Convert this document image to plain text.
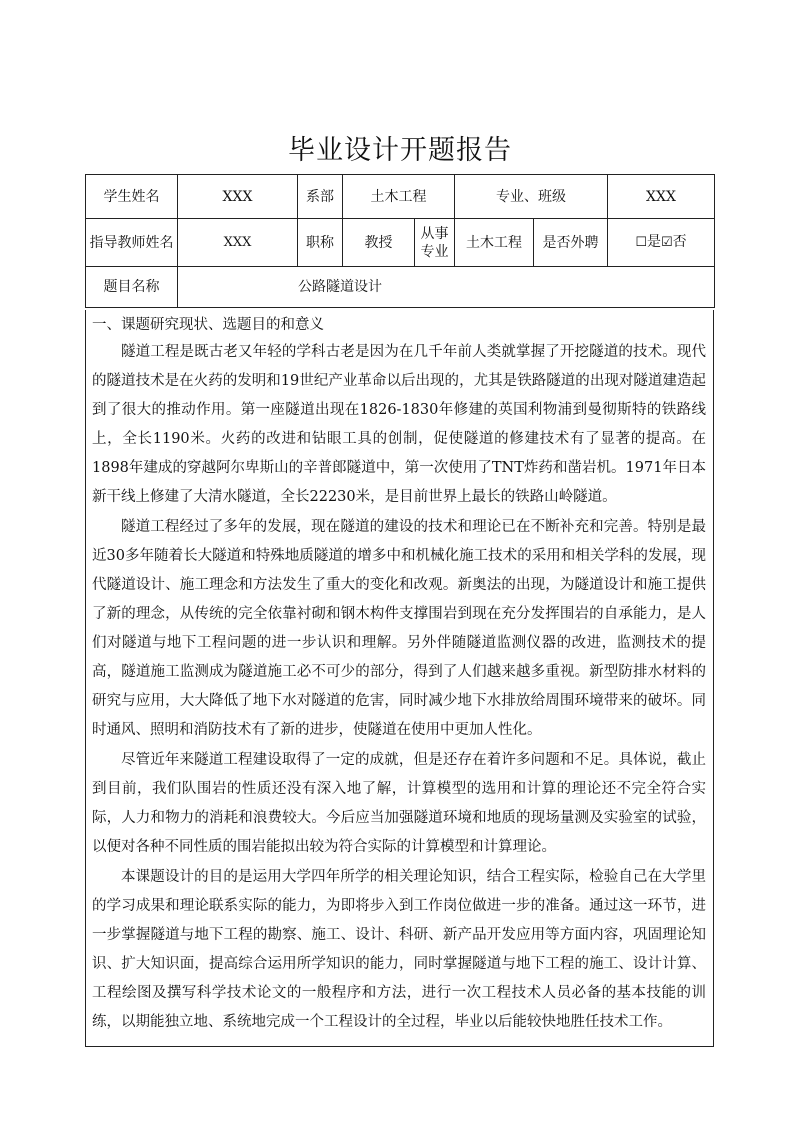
毕业设计开题报告
学生姓名	XXX	系部	土木工程		专业、班级		XXX
指导教师姓名	XXX	职称	教授	从事专业	土木工程	是否外聘	☐是☑否
题目名称	公路隧道设计						
一、课题研究现状、选题目的和意义

隧道工程是既古老又年轻的学科古老是因为在几千年前人类就掌握了开挖隧道的技术。现代的隧道技术是在火药的发明和19世纪产业革命以后出现的，尤其是铁路隧道的出现对隧道建造起到了很大的推动作用。第一座隧道出现在1826-1830年修建的英国利物浦到曼彻斯特的铁路线上，全长1190米。火药的改进和钻眼工具的创制，促使隧道的修建技术有了显著的提高。在1898年建成的穿越阿尔卑斯山的辛普郎隧道中，第一次使用了TNT炸药和凿岩机。1971年日本新干线上修建了大清水隧道，全长22230米，是目前世界上最长的铁路山岭隧道。

隧道工程经过了多年的发展，现在隧道的建设的技术和理论已在不断补充和完善。特别是最近30多年随着长大隧道和特殊地质隧道的增多中和机械化施工技术的采用和相关学科的发展，现代隧道设计、施工理念和方法发生了重大的变化和改观。新奥法的出现，为隧道设计和施工提供了新的理念，从传统的完全依靠衬砌和钢木构件支撑围岩到现在充分发挥围岩的自承能力，是人们对隧道与地下工程问题的进一步认识和理解。另外伴随隧道监测仪器的改进，监测技术的提高，隧道施工监测成为隧道施工必不可少的部分，得到了人们越来越多重视。新型防排水材料的研究与应用，大大降低了地下水对隧道的危害，同时减少地下水排放给周围环境带来的破坏。同时通风、照明和消防技术有了新的进步，使隧道在使用中更加人性化。

尽管近年来隧道工程建设取得了一定的成就，但是还存在着许多问题和不足。具体说，截止到目前，我们队围岩的性质还没有深入地了解，计算模型的选用和计算的理论还不完全符合实际，人力和物力的消耗和浪费较大。今后应当加强隧道环境和地质的现场量测及实验室的试验，以便对各种不同性质的围岩能拟出较为符合实际的计算模型和计算理论。

本课题设计的目的是运用大学四年所学的相关理论知识，结合工程实际，检验自己在大学里的学习成果和理论联系实际的能力，为即将步入到工作岗位做进一步的准备。通过这一环节，进一步掌握隧道与地下工程的勘察、施工、设计、科研、新产品开发应用等方面内容，巩固理论知识、扩大知识面，提高综合运用所学知识的能力，同时掌握隧道与地下工程的施工、设计计算、工程绘图及撰写科学技术论文的一般程序和方法，进行一次工程技术人员必备的基本技能的训练，以期能独立地、系统地完成一个工程设计的全过程，毕业以后能较快地胜任技术工作。
